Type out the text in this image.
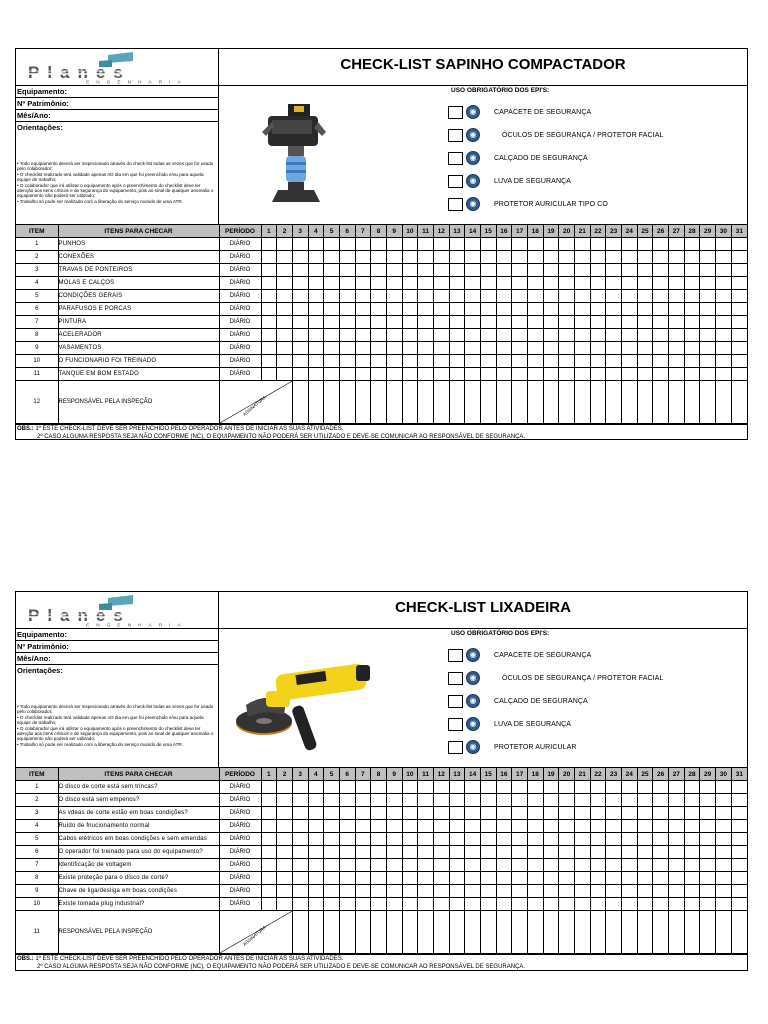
Planes
ENGENHARIA
CHECK-LIST SAPINHO COMPACTADOR
Equipamento:
Nº Patrimônio:
Mês/Ano:
Orientações:
• Todo equipamento deverá ser inspecionado através do check-list todas as vezes que for usado pelo colaborador;
• O checklist realizado terá validade apenas nO dia em que foi preenchido e/ou para aquela equipe de trabalho;
• O colaborador que irá utilizar o equipamento após o preenchimento do checklist deve ter atenção aos itens críticos e de segurança do equipamento, pois ao sinal de qualquer anomalia o equipamento não poderá ser utilizado;
• Trabalho só pode ser realizado com a liberação do serviço munido de uma ATR.
USO OBRIGATÓRIO DOS EPI'S:
◉	CAPACETE DE SEGURANÇA
◉	ÓCULOS DE SEGURANÇA / PROTETOR FACIAL
◉	CALÇADO DE SEGURANÇA
◉	LUVA DE SEGURANÇA
◉	PROTETOR AURICULAR TIPO CO
ITEM	ITENS PARA CHECAR	PERÍODO	1	2	3	4	5	6	7	8	9	10	11	12	13	14	15	16	17	18	19	20	21	22	23	24	25	26	27	28	29	30	31
1	PUNHOS	DIÁRIO																															
2	CONEXÕES	DIÁRIO																															
3	TRAVAS DE PONTEIROS	DIÁRIO																															
4	MOLAS E CALÇOS	DIÁRIO																															
5	CONDIÇÕES GERAIS	DIÁRIO																															
6	PARAFUSOS E PORCAS	DIÁRIO																															
7	PINTURA	DIÁRIO																															
8	ACELERADOR	DIÁRIO																															
9	VASAMENTOS	DIÁRIO																															
10	O FUNCIONARIO FOI TREINADO	DIÁRIO																															
11	TANQUE EM BOM ESTADO	DIÁRIO																															
12	RESPONSÁVEL PELA INSPEÇÃO	ASSINATURA																															

OBS.: 1º ESTE CHECK-LIST DEVE SER PREENCHIDO PELO OPERADOR ANTES DE INICIAR AS SUAS ATIVIDADES.
2º CASO ALGUMA RESPOSTA SEJA NÃO CONFORME (NC), O EQUIPAMENTO NÃO PODERÁ SER UTILIZADO E DEVE-SE COMUNICAR AO RESPONSÁVEL DE SEGURANÇA.
Planes
ENGENHARIA
CHECK-LIST LIXADEIRA
Equipamento:
Nº Patrimônio:
Mês/Ano:
Orientações:
• Todo equipamento deverá ser inspecionado através do check-list todas as vezes que for usado pelo colaborador;
• O checklist realizado terá validade apenas nO dia em que foi preenchido e/ou para aquela equipe de trabalho;
• O colaborador que irá utilizar o equipamento após o preenchimento do checklist deve ter atenção aos itens críticos e de segurança do equipamento, pois ao sinal de qualquer anomalia o equipamento não poderá ser utilizado;
• Trabalho só pode ser realizado com a liberação do serviço munido de uma ATR.
USO OBRIGATÓRIO DOS EPI'S:
◉	CAPACETE DE SEGURANÇA
◉	ÓCULOS DE SEGURANÇA / PROTETOR FACIAL
◉	CALÇADO DE SEGURANÇA
◉	LUVA DE SEGURANÇA
◉	PROTETOR AURICULAR
ITEM	ITENS PARA CHECAR	PERÍODO	1	2	3	4	5	6	7	8	9	10	11	12	13	14	15	16	17	18	19	20	21	22	23	24	25	26	27	28	29	30	31
1	O disco de corte está sem trincas?	DIÁRIO																															
2	O disco está sem empenos?	DIÁRIO																															
3	As vdeas de corte estão em boas condições?	DIÁRIO																															
4	Ruído de fnucionamento normal	DIÁRIO																															
5	Cabos elétricos em boas condições e sem emendas	DIÁRIO																															
6	O operador foi treinado para uso do equipamento?	DIÁRIO																															
7	Identificação de voltagem	DIÁRIO																															
8	Existe proteção para o disco de corte?	DIÁRIO																															
9	Chave de liga/desliga em boas condições	DIÁRIO																															
10	Existe tomada plug industrial?	DIÁRIO																															
11	RESPONSÁVEL PELA INSPEÇÃO	ASSINATURA																															

OBS.: 1º ESTE CHECK-LIST DEVE SER PREENCHIDO PELO OPERADOR ANTES DE INICIAR AS SUAS ATIVIDADES.
2º CASO ALGUMA RESPOSTA SEJA NÃO CONFORME (NC), O EQUIPAMENTO NÃO PODERÁ SER UTILIZADO E DEVE-SE COMUNICAR AO RESPONSÁVEL DE SEGURANÇA.
